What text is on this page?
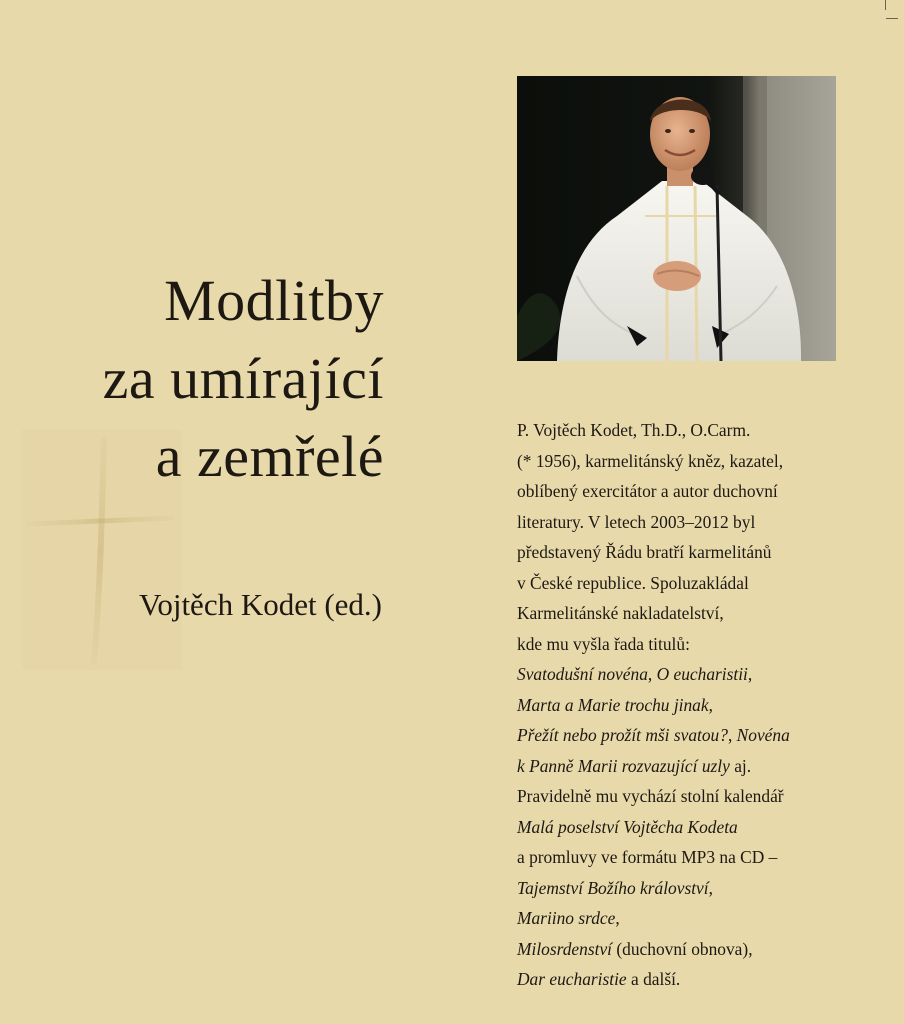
Modlitby
za umírající
a zemřelé
Vojtěch Kodet (ed.)
P. Vojtěch Kodet, Th.D., O.Carm.
(* 1956), karmelitánský kněz, kazatel,
oblíbený exercitátor a autor duchovní
literatury. V letech 2003–2012 byl
představený Řádu bratří karmelitánů
v České republice. Spoluzakládal
Karmelitánské nakladatelství,
kde mu vyšla řada titulů:
Svatodušní novéna, O eucharistii,
Marta a Marie trochu jinak,
Přežít nebo prožít mši svatou?, Novéna
k Panně Marii rozvazující uzly aj.
Pravidelně mu vychází stolní kalendář
Malá poselství Vojtěcha Kodeta
a promluvy ve formátu MP3 na CD –
Tajemství Božího království,
Mariino srdce,
Milosrdenství (duchovní obnova),
Dar eucharistie a další.
